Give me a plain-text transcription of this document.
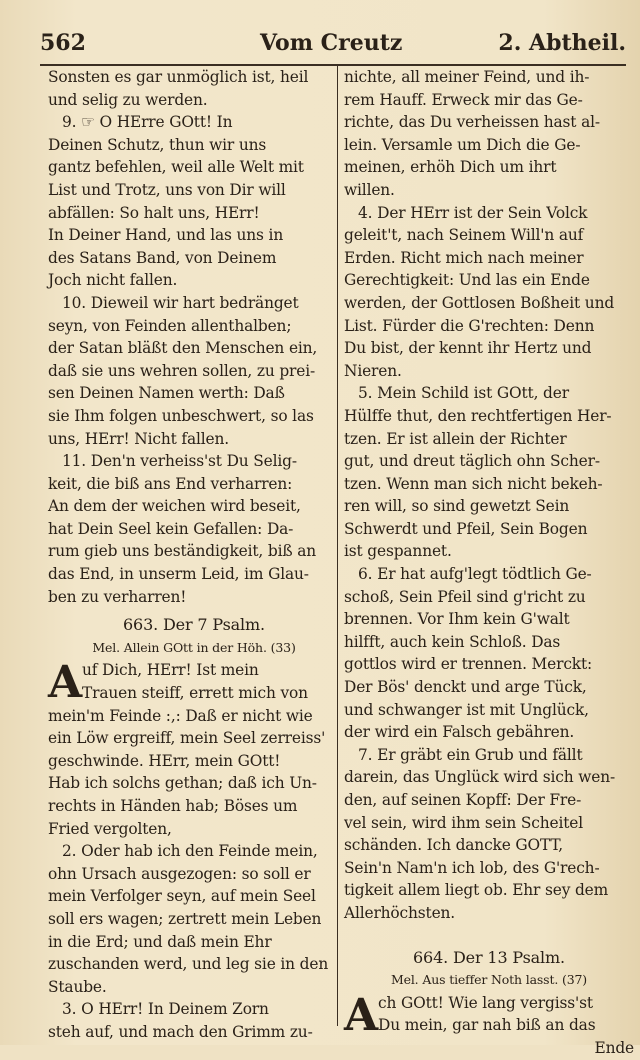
562	Vom Creutz	2. Abtheil.
Sonsten es gar unmöglich ist, heil
und selig zu werden.
9. ☞ O HErre GOtt! In
Deinen Schutz, thun wir uns
gantz befehlen, weil alle Welt mit
List und Trotz, uns von Dir will
abfällen: So halt uns, HErr!
In Deiner Hand, und las uns in
des Satans Band, von Deinem
Joch nicht fallen.
10. Dieweil wir hart bedränget
seyn, von Feinden allenthalben;
der Satan bläßt den Menschen ein,
daß sie uns wehren sollen, zu prei-
sen Deinen Namen werth: Daß
sie Ihm folgen unbeschwert, so las
uns, HErr! Nicht fallen.
11. Den'n verheiss'st Du Selig-
keit, die biß ans End verharren:
An dem der weichen wird beseit,
hat Dein Seel kein Gefallen: Da-
rum gieb uns beständigkeit, biß an
das End, in unserm Leid, im Glau-
ben zu verharren!
663. Der 7 Psalm.
Mel. Allein GOtt in der Höh. (33)
A uf Dich, HErr! Ist mein
Trauen steiff, errett mich von
mein'm Feinde :,: Daß er nicht wie
ein Löw ergreiff, mein Seel zerreiss'
geschwinde. HErr, mein GOtt!
Hab ich solchs gethan; daß ich Un-
rechts in Händen hab; Böses um
Fried vergolten,
2. Oder hab ich den Feinde mein,
ohn Ursach ausgezogen: so soll er
mein Verfolger seyn, auf mein Seel
soll ers wagen; zertrett mein Leben
in die Erd; und daß mein Ehr
zuschanden werd, und leg sie in den
Staube.
3. O HErr! In Deinem Zorn
steh auf, und mach den Grimm zu-
nichte, all meiner Feind, und ih-
rem Hauff. Erweck mir das Ge-
richte, das Du verheissen hast al-
lein. Versamle um Dich die Ge-
meinen, erhöh Dich um ihrt
willen.
4. Der HErr ist der Sein Volck
geleit't, nach Seinem Will'n auf
Erden. Richt mich nach meiner
Gerechtigkeit: Und las ein Ende
werden, der Gottlosen Boßheit und
List. Fürder die G'rechten: Denn
Du bist, der kennt ihr Hertz und
Nieren.
5. Mein Schild ist GOtt, der
Hülffe thut, den rechtfertigen Her-
tzen. Er ist allein der Richter
gut, und dreut täglich ohn Scher-
tzen. Wenn man sich nicht bekeh-
ren will, so sind gewetzt Sein
Schwerdt und Pfeil, Sein Bogen
ist gespannet.
6. Er hat aufg'legt tödtlich Ge-
schoß, Sein Pfeil sind g'richt zu
brennen. Vor Ihm kein G'walt
hilfft, auch kein Schloß. Das
gottlos wird er trennen. Merckt:
Der Bös' denckt und arge Tück,
und schwanger ist mit Unglück,
der wird ein Falsch gebähren.
7. Er gräbt ein Grub und fällt
darein, das Unglück wird sich wen-
den, auf seinen Kopff: Der Fre-
vel sein, wird ihm sein Scheitel
schänden. Ich dancke GOTT,
Sein'n Nam'n ich lob, des G'rech-
tigkeit allem liegt ob. Ehr sey dem
Allerhöchsten.
664. Der 13 Psalm.
Mel. Aus tieffer Noth lasst. (37)
A ch GOtt! Wie lang vergiss'st
Du mein, gar nah biß an das
Ende
